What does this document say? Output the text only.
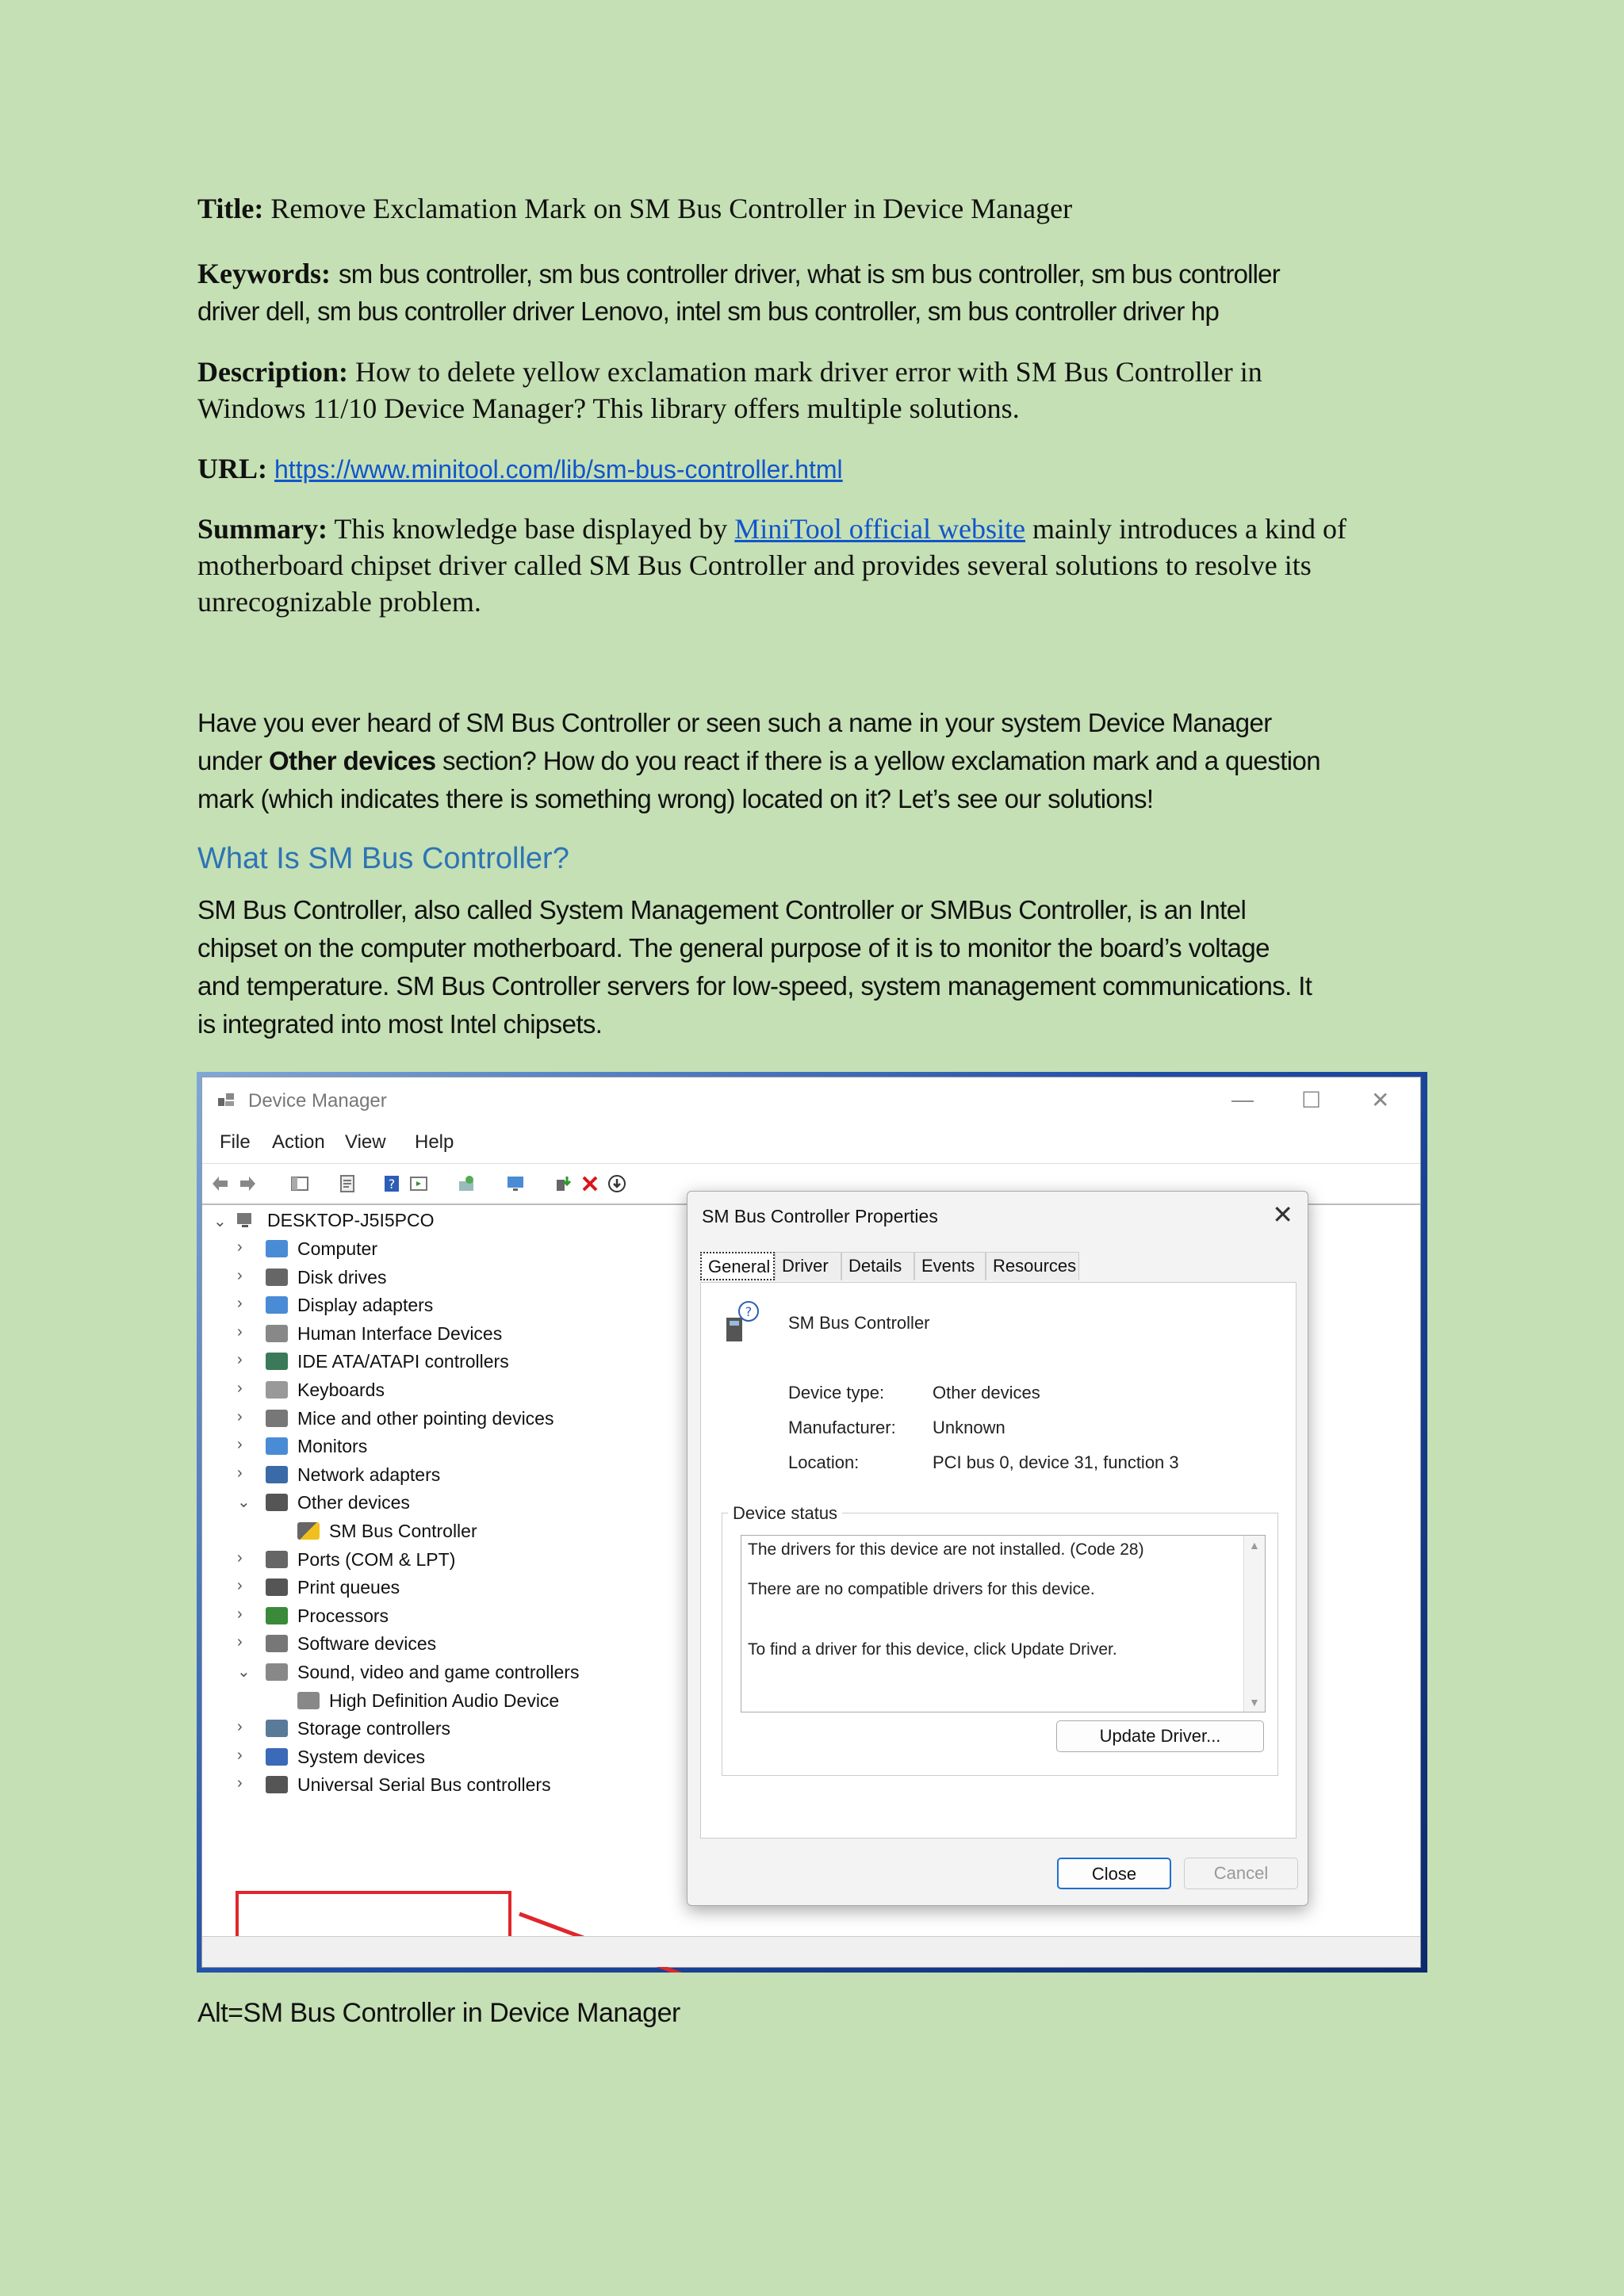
Title: Remove Exclamation Mark on SM Bus Controller in Device Manager

Keywords: sm bus controller, sm bus controller driver, what is sm bus controller, sm bus controller
driver dell, sm bus controller driver Lenovo, intel sm bus controller, sm bus controller driver hp

Description: How to delete yellow exclamation mark driver error with SM Bus Controller in
Windows 11/10 Device Manager? This library offers multiple solutions.

URL: https://www.minitool.com/lib/sm-bus-controller.html

Summary: This knowledge base displayed by MiniTool official website mainly introduces a kind of
motherboard chipset driver called SM Bus Controller and provides several solutions to resolve its
unrecognizable problem.

Have you ever heard of SM Bus Controller or seen such a name in your system Device Manager
under Other devices section? How do you react if there is a yellow exclamation mark and a question
mark (which indicates there is something wrong) located on it? Let’s see our solutions!

What Is SM Bus Controller?

SM Bus Controller, also called System Management Controller or SMBus Controller, is an Intel
chipset on the computer motherboard. The general purpose of it is to monitor the board’s voltage
and temperature. SM Bus Controller servers for low-speed, system management communications. It
is integrated into most Intel chipsets.

Alt=SM Bus Controller in Device Manager
Device Manager	— ☐ ✕
File Action View Help
?
⌄ DESKTOP-J5I5PCO
›	Computer
›	Disk drives
›	Display adapters
›	Human Interface Devices
›	IDE ATA/ATAPI controllers
›	Keyboards
›	Mice and other pointing devices
›	Monitors
›	Network adapters
⌄	Other devices
SM Bus Controller
›	Ports (COM & LPT)
›	Print queues
›	Processors
›	Software devices
⌄	Sound, video and game controllers
High Definition Audio Device
›	Storage controllers
›	System devices
›	Universal Serial Bus controllers
SM Bus Controller Properties	✕
General Driver	Details	Events	Resources
?
SM Bus Controller
Device type:	Other devices
Manufacturer: Unknown
Location:	PCI bus 0, device 31, function 3
Device status
The drivers for this device are not installed. (Code 28)
There are no compatible drivers for this device.
To find a driver for this device, click Update Driver.
▲
▼
Update Driver...
Close	Cancel
